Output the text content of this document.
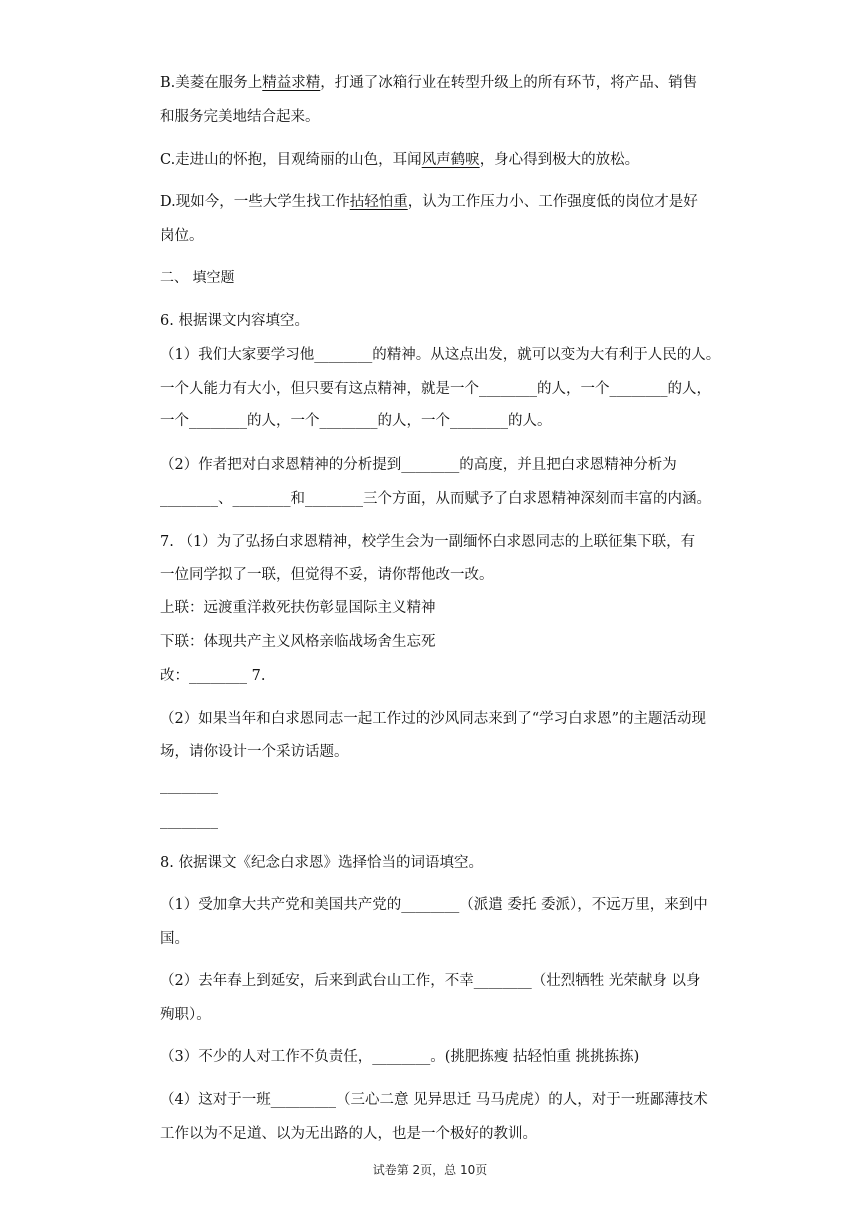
B.美菱在服务上精益求精，打通了冰箱行业在转型升级上的所有环节，将产品、销售
和服务完美地结合起来。
C.走进山的怀抱，目观绮丽的山色，耳闻风声鹤唳，身心得到极大的放松。
D.现如今，一些大学生找工作拈轻怕重，认为工作压力小、工作强度低的岗位才是好
岗位。
二、 填空题
6. 根据课文内容填空。
（1）我们大家要学习他________的精神。从这点出发，就可以变为大有利于人民的人。
一个人能力有大小，但只要有这点精神，就是一个________的人，一个________的人，
一个________的人，一个________的人，一个________的人。
（2）作者把对白求恩精神的分析提到________的高度，并且把白求恩精神分析为
________、________和________三个方面，从而赋予了白求恩精神深刻而丰富的内涵。
7. （1）为了弘扬白求恩精神，校学生会为一副缅怀白求恩同志的上联征集下联，有
一位同学拟了一联，但觉得不妥，请你帮他改一改。
上联：远渡重洋救死扶伤彰显国际主义精神
下联：体现共产主义风格亲临战场舍生忘死
改：________ 7.
（2）如果当年和白求恩同志一起工作过的沙风同志来到了“学习白求恩”的主题活动现
场，请你设计一个采访话题。
________
________
8. 依据课文《纪念白求恩》选择恰当的词语填空。
（1）受加拿大共产党和美国共产党的________（派遣 委托 委派），不远万里，来到中
国。
（2）去年春上到延安，后来到武台山工作，不幸________（壮烈牺牲 光荣献身 以身
殉职）。
（3）不少的人对工作不负责任，________。(挑肥拣瘦 拈轻怕重 挑挑拣拣)
（4）这对于一班_________（三心二意 见异思迁 马马虎虎）的人，对于一班鄙薄技术
工作以为不足道、以为无出路的人，也是一个极好的教训。
试卷第 2页，总 10页
